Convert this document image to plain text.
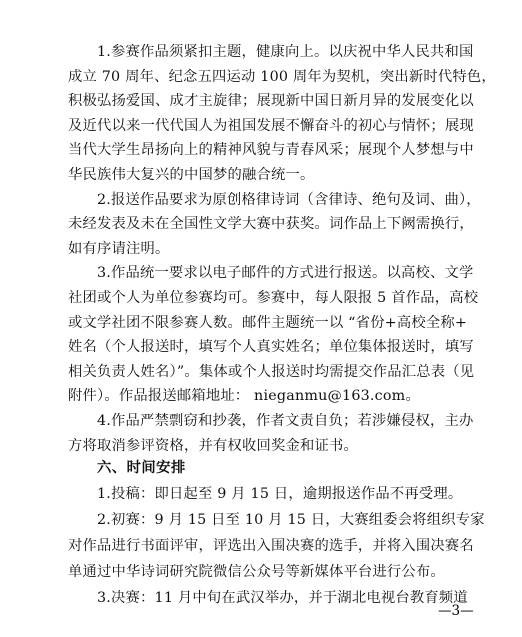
1.参赛作品须紧扣主题，健康向上。以庆祝中华人民共和国
成立 70 周年、纪念五四运动 100 周年为契机，突出新时代特色，
积极弘扬爱国、成才主旋律；展现新中国日新月异的发展变化以
及近代以来一代代国人为祖国发展不懈奋斗的初心与情怀；展现
当代大学生昂扬向上的精神风貌与青春风采；展现个人梦想与中
华民族伟大复兴的中国梦的融合统一。
2.报送作品要求为原创格律诗词（含律诗、绝句及词、曲），
未经发表及未在全国性文学大赛中获奖。词作品上下阙需换行，
如有序请注明。
3.作品统一要求以电子邮件的方式进行报送。以高校、文学
社团或个人为单位参赛均可。参赛中，每人限报 5 首作品，高校
或文学社团不限参赛人数。邮件主题统一以 “省份+高校全称+
姓名（个人报送时，填写个人真实姓名；单位集体报送时，填写
相关负责人姓名）”。集体或个人报送时均需提交作品汇总表（见
附件）。作品报送邮箱地址： nieganmu@163.com。
4.作品严禁剽窃和抄袭，作者文责自负；若涉嫌侵权，主办
方将取消参评资格，并有权收回奖金和证书。
六、时间安排
1.投稿：即日起至 9 月 15 日，逾期报送作品不再受理。
2.初赛：9 月 15 日至 10 月 15 日，大赛组委会将组织专家
对作品进行书面评审，评选出入围决赛的选手，并将入围决赛名
单通过中华诗词研究院微信公众号等新媒体平台进行公布。
3.决赛：11 月中旬在武汉举办，并于湖北电视台教育频道
—3—
